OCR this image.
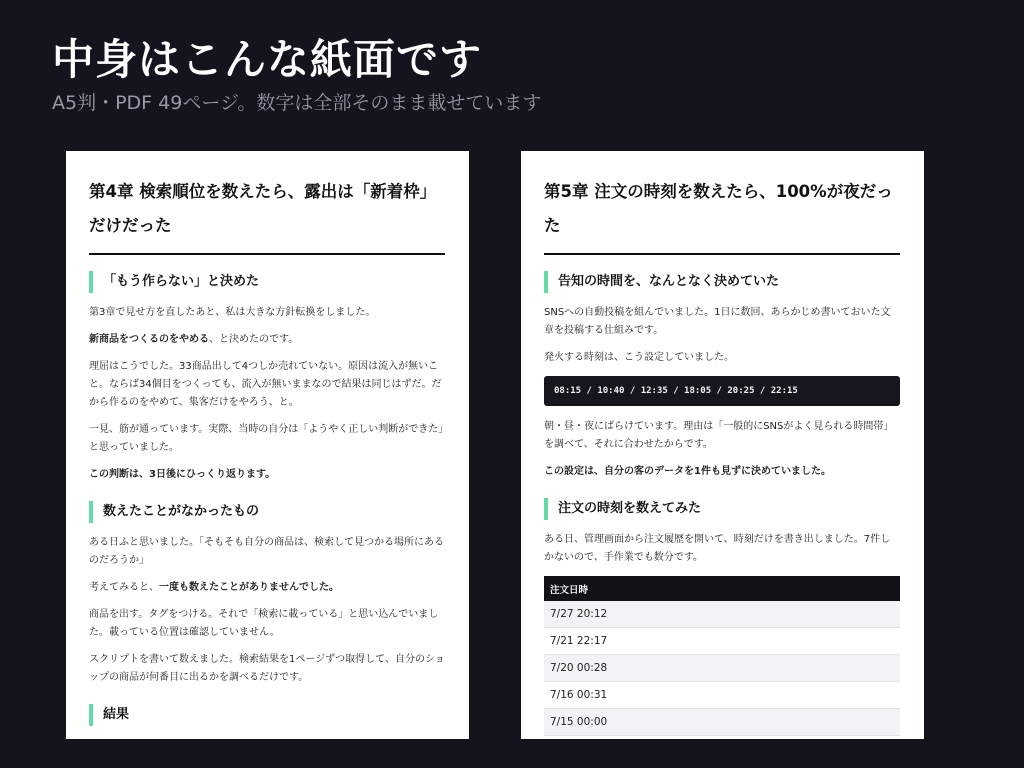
中身はこんな紙面です

A5判・PDF 49ページ。数字は全部そのまま載せています

第4章 検索順位を数えたら、露出は「新着枠」だけだった
「もう作らない」と決めた

第3章で見せ方を直したあと、私は大きな方針転換をしました。

新商品をつくるのをやめる、と決めたのです。

理屈はこうでした。33商品出して4つしか売れていない。原因は流入が無いこと。ならば34個目をつくっても、流入が無いままなので結果は同じはずだ。だから作るのをやめて、集客だけをやろう、と。

一見、筋が通っています。実際、当時の自分は「ようやく正しい判断ができた」と思っていました。

この判断は、3日後にひっくり返ります。

数えたことがなかったもの

ある日ふと思いました。「そもそも自分の商品は、検索して見つかる場所にあるのだろうか」

考えてみると、一度も数えたことがありませんでした。

商品を出す。タグをつける。それで「検索に載っている」と思い込んでいました。載っている位置は確認していません。

スクリプトを書いて数えました。検索結果を1ページずつ取得して、自分のショップの商品が何番目に出るかを調べるだけです。

結果
第5章 注文の時刻を数えたら、100%が夜だった
告知の時間を、なんとなく決めていた

SNSへの自動投稿を組んでいました。1日に数回、あらかじめ書いておいた文章を投稿する仕組みです。

発火する時刻は、こう設定していました。

08:15 / 10:40 / 12:35 / 18:05 / 20:25 / 22:15

朝・昼・夜にばらけています。理由は「一般的にSNSがよく見られる時間帯」を調べて、それに合わせたからです。

この設定は、自分の客のデータを1件も見ずに決めていました。

注文の時刻を数えてみた

ある日、管理画面から注文履歴を開いて、時刻だけを書き出しました。7件しかないので、手作業でも数分です。

注文日時
7/27 20:12
7/21 22:17
7/20 00:28
7/16 00:31
7/15 00:00
